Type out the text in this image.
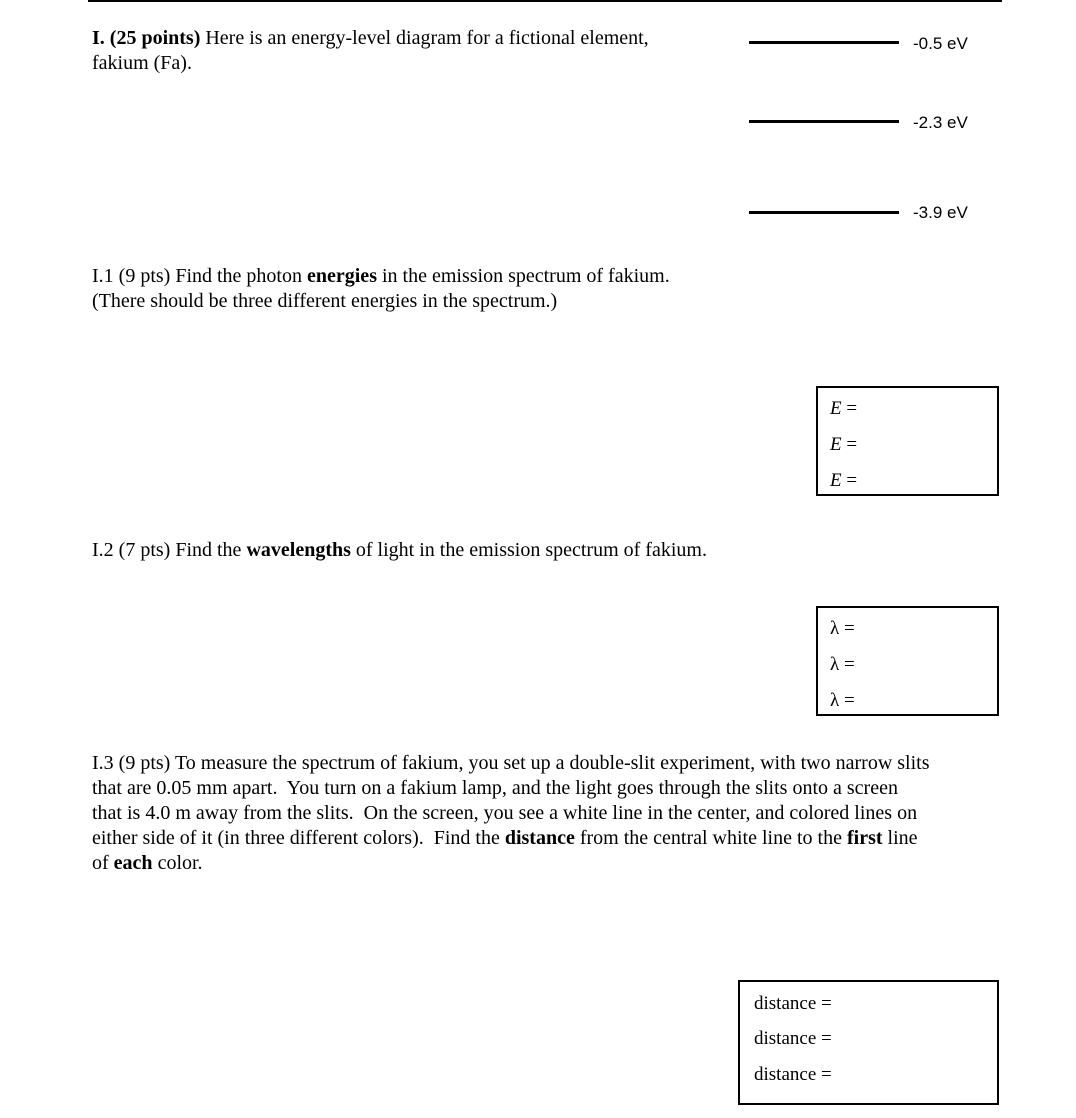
I. (25 points) Here is an energy-level diagram for a fictional element,
fakium (Fa).
-0.5 eV
-2.3 eV
-3.9 eV
I.1 (9 pts) Find the photon energies in the emission spectrum of fakium.
(There should be three different energies in the spectrum.)
E =
E =
E =
I.2 (7 pts) Find the wavelengths of light in the emission spectrum of fakium.
λ =
λ =
λ =
I.3 (9 pts) To measure the spectrum of fakium, you set up a double-slit experiment, with two narrow slits
that are 0.05 mm apart.  You turn on a fakium lamp, and the light goes through the slits onto a screen
that is 4.0 m away from the slits.  On the screen, you see a white line in the center, and colored lines on
either side of it (in three different colors).  Find the distance from the central white line to the first line
of each color.
distance =
distance =
distance =
